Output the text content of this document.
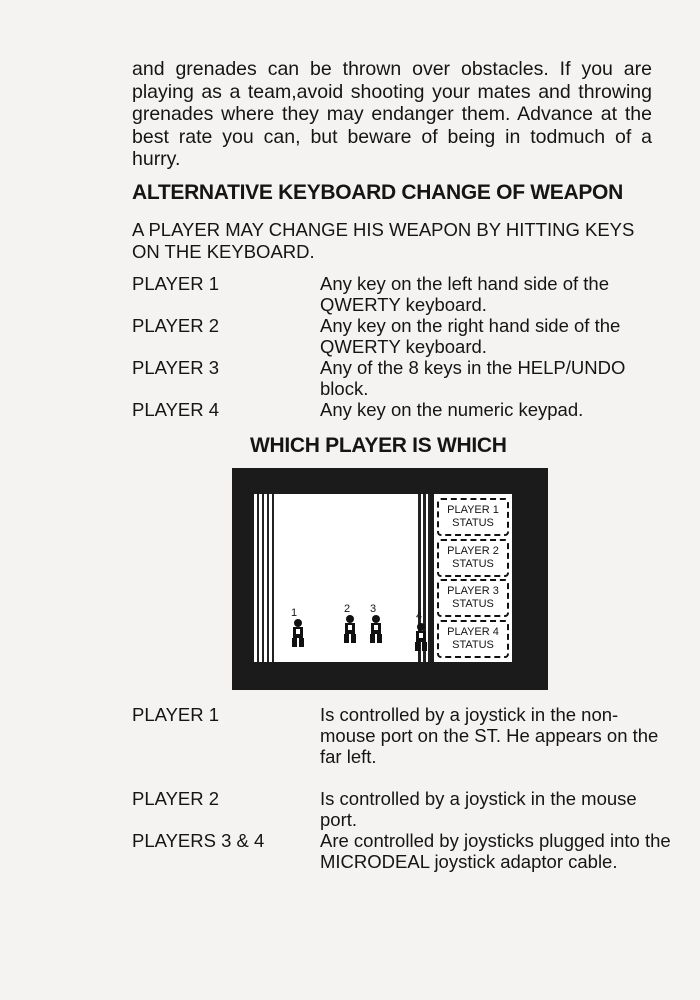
and grenades can be thrown over obstacles. If you are playing as a team,avoid shooting your mates and throwing grenades where they may endanger them. Advance at the best rate you can, but beware of being in todmuch of a hurry.

ALTERNATIVE KEYBOARD CHANGE OF WEAPON

A PLAYER MAY CHANGE HIS WEAPON BY HITTING KEYS ON THE KEYBOARD.

PLAYER 1	Any key on the left hand side of the QWERTY keyboard.
PLAYER 2	Any key on the right hand side of the QWERTY keyboard.
PLAYER 3	Any of the 8 keys in the HELP/UNDO block.
PLAYER 4	Any key on the numeric keypad.
WHICH PLAYER IS WHICH
1	2 3
4
PLAYER 1
STATUS
PLAYER 2
STATUS
PLAYER 3
STATUS
PLAYER 4
STATUS
PLAYER 1	Is controlled by a joystick in the non-mouse port on the ST. He appears on the far left.
PLAYER 2	Is controlled by a joystick in the mouse port.
PLAYERS 3 & 4	Are controlled by joysticks plugged into the MICRODEAL joystick adaptor cable.
